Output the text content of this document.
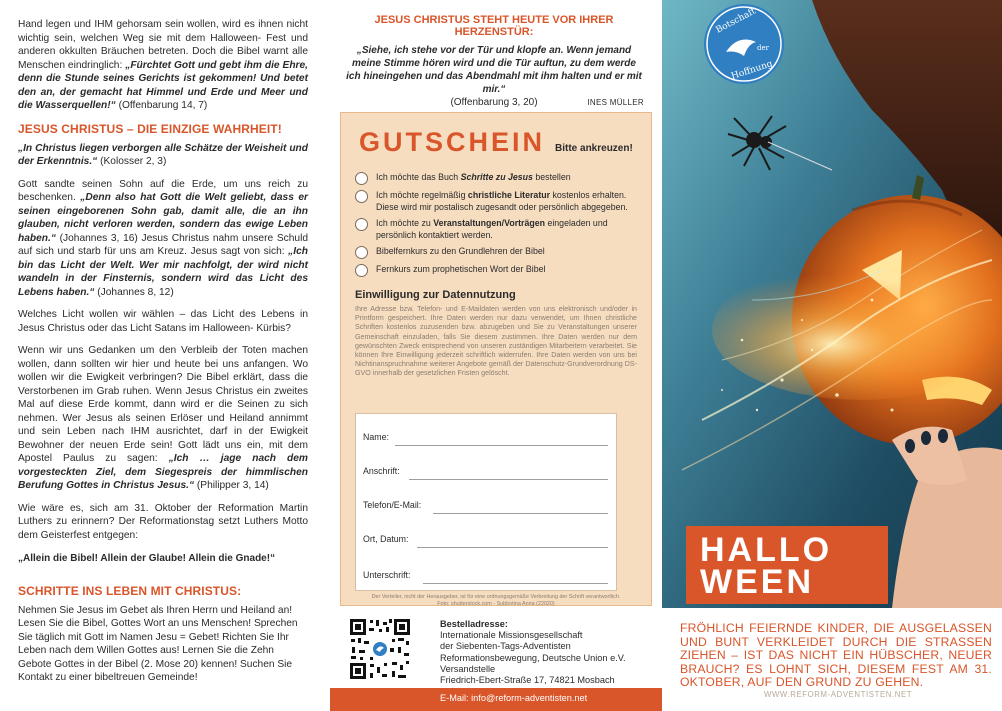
Hand legen und IHM gehorsam sein wollen, wird es ihnen nicht wichtig sein, welchen Weg sie mit dem Halloween- Fest und anderen okkulten Bräuchen betreten. Doch die Bibel warnt alle Menschen eindringlich: „Fürchtet Gott und gebt ihm die Ehre, denn die Stunde seines Gerichts ist gekommen! Und betet den an, der gemacht hat Himmel und Erde und Meer und die Wasserquellen!“ (Offenbarung 14, 7)

JESUS CHRISTUS – DIE EINZIGE WAHRHEIT!

„In Christus liegen verborgen alle Schätze der Weisheit und der Erkenntnis.“ (Kolosser 2, 3)

Gott sandte seinen Sohn auf die Erde, um uns reich zu beschenken. „Denn also hat Gott die Welt geliebt, dass er seinen eingeborenen Sohn gab, damit alle, die an ihn glauben, nicht verloren werden, sondern das ewige Leben haben.“ (Johannes 3, 16) Jesus Christus nahm unsere Schuld auf sich und starb für uns am Kreuz. Jesus sagt von sich: „Ich bin das Licht der Welt. Wer mir nachfolgt, der wird nicht wandeln in der Finsternis, sondern wird das Licht des Lebens haben.“ (Johannes 8, 12)

Welches Licht wollen wir wählen – das Licht des Lebens in Jesus Christus oder das Licht Satans im Halloween- Kürbis?

Wenn wir uns Gedanken um den Verbleib der Toten machen wollen, dann sollten wir hier und heute bei uns anfangen. Wo wollen wir die Ewigkeit verbringen? Die Bibel erklärt, dass die Verstorbenen im Grab ruhen. Wenn Jesus Christus ein zweites Mal auf diese Erde kommt, dann wird er die Seinen zu sich nehmen. Wer Jesus als seinen Erlöser und Heiland annimmt und sein Leben nach IHM ausrichtet, darf in der Ewigkeit Bewohner der neuen Erde sein! Gott lädt uns ein, mit dem Apostel Paulus zu sagen: „Ich … jage nach dem vorgesteckten Ziel, dem Siegespreis der himmlischen Berufung Gottes in Christus Jesus.“ (Philipper 3, 14)

Wie wäre es, sich am 31. Oktober der Reformation Martin Luthers zu erinnern? Der Reformationstag setzt Luthers Motto dem Geisterfest entgegen:

„Allein die Bibel! Allein der Glaube! Allein die Gnade!“

SCHRITTE INS LEBEN MIT CHRISTUS:

Nehmen Sie Jesus im Gebet als Ihren Herrn und Heiland an! Lesen Sie die Bibel, Gottes Wort an uns Menschen! Sprechen Sie täglich mit Gott im Namen Jesu = Gebet! Richten Sie Ihr Leben nach dem Willen Gottes aus! Lernen Sie die Zehn Gebote Gottes in der Bibel (2. Mose 20) kennen! Suchen Sie Kontakt zu einer bibeltreuen Gemeinde!

JESUS CHRISTUS STEHT HEUTE VOR IHRER HERZENSTÜR:
„Siehe, ich stehe vor der Tür und klopfe an. Wenn jemand meine Stimme hören wird und die Tür auftun, zu dem werde ich hineingehen und das Abendmahl mit ihm halten und er mit mir.“
(Offenbarung 3, 20)	INES MÜLLER
GUTSCHEIN Bitte ankreuzen!
Ich möchte das Buch Schritte zu Jesus bestellen
Ich möchte regelmäßig christliche Literatur kostenlos erhalten. Diese wird mir postalisch zugesandt oder persönlich abgegeben.
Ich möchte zu Veranstaltungen/Vorträgen eingeladen und persönlich kontaktiert werden.
Bibelfernkurs zu den Grundlehren der Bibel
Fernkurs zum prophetischen Wort der Bibel
Einwilligung zur Datennutzung
Ihre Adresse bzw. Telefon- und E-Maildaten werden von uns elektronisch und/oder in Printform gespeichert. Ihre Daten werden nur dazu verwendet, um Ihnen christliche Schriften kostenlos zuzusenden bzw. abzugeben und Sie zu Veranstaltungen unserer Gemeinschaft einzuladen, falls Sie diesem zustimmen. Ihre Daten werden nur dem gewünschten Zweck entsprechend von unseren zuständigen Mitarbeitern verarbeitet. Sie können Ihre Einwilligung jederzeit schriftlich widerrufen. Ihre Daten werden von uns bei Nichtinanspruchnahme weiterer Angebote gemäß der Datenschutz-Grundverordnung DS-GVO innerhalb der gesetzlichen Fristen gelöscht.
Name:
Anschrift:
Telefon/E-Mail:
Ort, Datum:
Unterschrift:
Der Verteiler, nicht der Herausgeber, ist für eine ordnungsgemäße Verbreitung der Schrift verantwortlich.
Foto: shutterstock.com - Subbotina Anna (22020)
Bestelladresse:
Internationale Missionsgesellschaft
der Siebenten-Tags-Adventisten
Reformationsbewegung, Deutsche Union e.V.
Versandstelle
Friedrich-Ebert-Straße 17, 74821 Mosbach
E-Mail: info@reform-adventisten.net
Botschaft
der
Hoffnung
HALLO
WEEN
FRÖHLICH FEIERNDE KINDER, DIE AUSGELASSEN UND BUNT VERKLEIDET DURCH DIE STRASSEN ZIEHEN – IST DAS NICHT EIN HÜBSCHER, NEUER BRAUCH? ES LOHNT SICH, DIESEM FEST AM 31. OKTOBER, AUF DEN GRUND ZU GEHEN.
WWW.REFORM-ADVENTISTEN.NET
